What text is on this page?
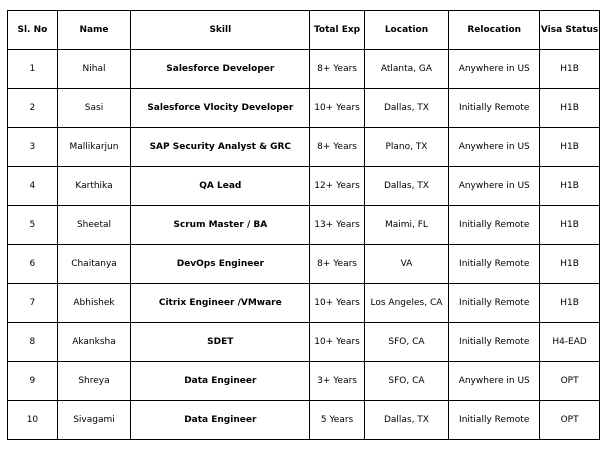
Sl. No	Name	Skill	Total Exp	Location	Relocation	Visa Status
1	Nihal	Salesforce Developer	8+ Years	Atlanta, GA	Anywhere in US	H1B
2	Sasi	Salesforce Vlocity Developer	10+ Years	Dallas, TX	Initially Remote	H1B
3	Mallikarjun	SAP Security Analyst & GRC	8+ Years	Plano, TX	Anywhere in US	H1B
4	Karthika	QA Lead	12+ Years	Dallas, TX	Anywhere in US	H1B
5	Sheetal	Scrum Master / BA	13+ Years	Maimi, FL	Initially Remote	H1B
6	Chaitanya	DevOps Engineer	8+ Years	VA	Initially Remote	H1B
7	Abhishek	Citrix Engineer /VMware	10+ Years	Los Angeles, CA	Initially Remote	H1B
8	Akanksha	SDET	10+ Years	SFO, CA	Initially Remote	H4-EAD
9	Shreya	Data Engineer	3+ Years	SFO, CA	Anywhere in US	OPT
10	Sivagami	Data Engineer	5 Years	Dallas, TX	Initially Remote	OPT
